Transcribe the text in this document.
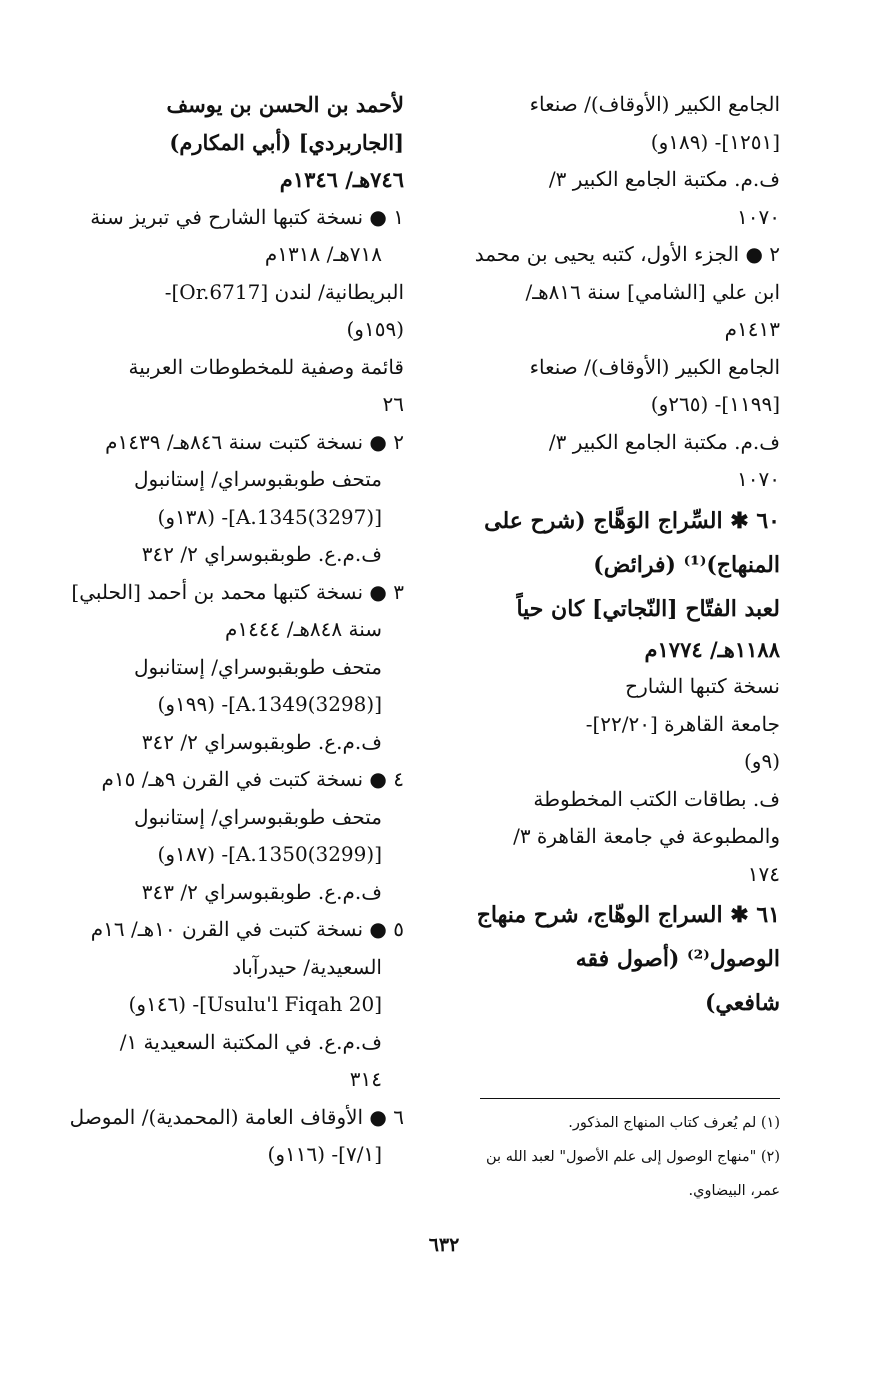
الجامع الكبير (الأوقاف)/ صنعاء
[١٢٥١]- (١٨٩و)
ف.م. مكتبة الجامع الكبير ٣/
١٠٧٠
٢ ● الجزء الأول، كتبه يحيى بن محمد
ابن علي [الشامي] سنة ٨١٦هـ/
١٤١٣م
الجامع الكبير (الأوقاف)/ صنعاء
[١١٩٩]- (٢٦٥و)
ف.م. مكتبة الجامع الكبير ٣/
١٠٧٠
٦٠ ✱ السِّراج الوَهَّاج (شرح على
المنهاج)⁽¹⁾ (فرائض)
لعبد الفتّاح [النّجاتي] كان حياً
١١٨٨هـ/ ١٧٧٤م
نسخة كتبها الشارح
جامعة القاهرة [٢٢/٢٠]-
(٩و)
ف. بطاقات الكتب المخطوطة
والمطبوعة في جامعة القاهرة ٣/
١٧٤
٦١ ✱ السراج الوهّاج، شرح منهاج
الوصول⁽²⁾ (أصول فقه
شافعي)
لأحمد بن الحسن بن يوسف
[الجاربردي] (أبي المكارم)
٧٤٦هـ/ ١٣٤٦م
١ ● نسخة كتبها الشارح في تبريز سنة
٧١٨هـ/ ١٣١٨م
البريطانية/ لندن [Or.6717]-
(١٥٩و)
قائمة وصفية للمخطوطات العربية
٢٦
٢ ● نسخة كتبت سنة ٨٤٦هـ/ ١٤٣٩م
متحف طوبقبوسراي/ إستانبول
[(3297)A.1345]- (١٣٨و)
ف.م.ع. طوبقبوسراي ٢/ ٣٤٢
٣ ● نسخة كتبها محمد بن أحمد [الحلبي]
سنة ٨٤٨هـ/ ١٤٤٤م
متحف طوبقبوسراي/ إستانبول
[(3298)A.1349]- (١٩٩و)
ف.م.ع. طوبقبوسراي ٢/ ٣٤٢
٤ ● نسخة كتبت في القرن ٩هـ/ ١٥م
متحف طوبقبوسراي/ إستانبول
[(3299)A.1350]- (١٨٧و)
ف.م.ع. طوبقبوسراي ٢/ ٣٤٣
٥ ● نسخة كتبت في القرن ١٠هـ/ ١٦م
السعيدية/ حيدرآباد
[Usulu'l Fiqah 20]- (١٤٦و)
ف.م.ع. في المكتبة السعيدية ١/
٣١٤
٦ ● الأوقاف العامة (المحمدية)/ الموصل
[٧/١]- (١١٦و)
(١) لم يُعرف كتاب المنهاج المذكور.
(٢) "منهاج الوصول إلى علم الأصول" لعبد الله بن
عمر، البيضاوي.
٦٣٢
